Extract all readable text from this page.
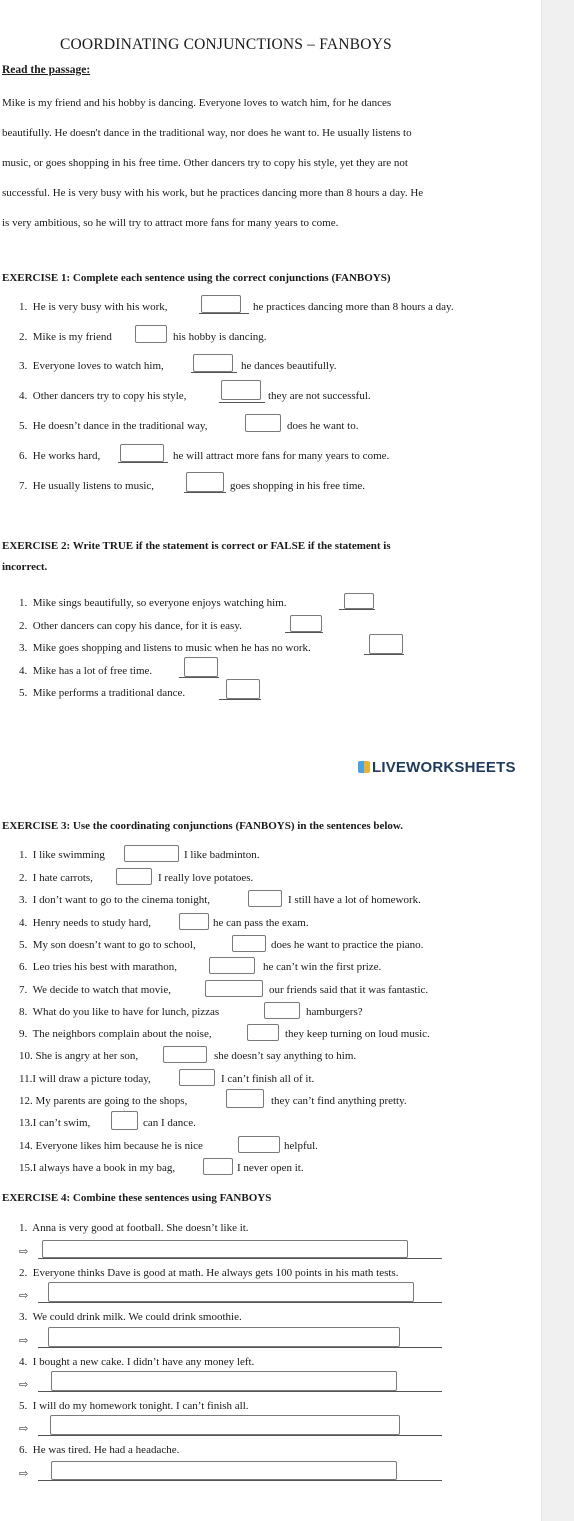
COORDINATING CONJUNCTIONS – FANBOYS
Read the passage:
Mike is my friend and his hobby is dancing. Everyone loves to watch him, for he dances
beautifully. He doesn't dance in the traditional way, nor does he want to. He usually listens to
music, or goes shopping in his free time. Other dancers try to copy his style, yet they are not
successful. He is very busy with his work, but he practices dancing more than 8 hours a day. He
is very ambitious, so he will try to attract more fans for many years to come.
EXERCISE 1: Complete each sentence using the correct conjunctions (FANBOYS)
1. He is very busy with his work,	he practices dancing more than 8 hours a day.
2. Mike is my friend	his hobby is dancing.
3. Everyone loves to watch him,	he dances beautifully.
4. Other dancers try to copy his style,	they are not successful.
5. He doesn’t dance in the traditional way,	does he want to.
6. He works hard,	he will attract more fans for many years to come.
7. He usually listens to music,	goes shopping in his free time.
EXERCISE 2: Write TRUE if the statement is correct or FALSE if the statement is
incorrect.
1. Mike sings beautifully, so everyone enjoys watching him.
2. Other dancers can copy his dance, for it is easy.
3. Mike goes shopping and listens to music when he has no work.
4. Mike has a lot of free time.
5. Mike performs a traditional dance.
LIVEWORKSHEETS
EXERCISE 3: Use the coordinating conjunctions (FANBOYS) in the sentences below.
1. I like swimming	I like badminton.
2. I hate carrots,	I really love potatoes.
3. I don’t want to go to the cinema tonight,	I still have a lot of homework.
4. Henry needs to study hard,	he can pass the exam.
5. My son doesn’t want to go to school,	does he want to practice the piano.
6. Leo tries his best with marathon,	he can’t win the first prize.
7. We decide to watch that movie,	our friends said that it was fantastic.
8. What do you like to have for lunch, pizzas	hamburgers?
9. The neighbors complain about the noise,	they keep turning on loud music.
10. She is angry at her son,	she doesn’t say anything to him.
11.I will draw a picture today,	I can’t finish all of it.
12. My parents are going to the shops,	they can’t find anything pretty.
13.I can’t swim,	can I dance.
14. Everyone likes him because he is nice	helpful.
15.I always have a book in my bag,	I never open it.
EXERCISE 4: Combine these sentences using FANBOYS
1. Anna is very good at football. She doesn’t like it.
⇨
2. Everyone thinks Dave is good at math. He always gets 100 points in his math tests.
⇨
3. We could drink milk. We could drink smoothie.
⇨
4. I bought a new cake. I didn’t have any money left.
⇨
5. I will do my homework tonight. I can’t finish all.
⇨
6. He was tired. He had a headache.
⇨
